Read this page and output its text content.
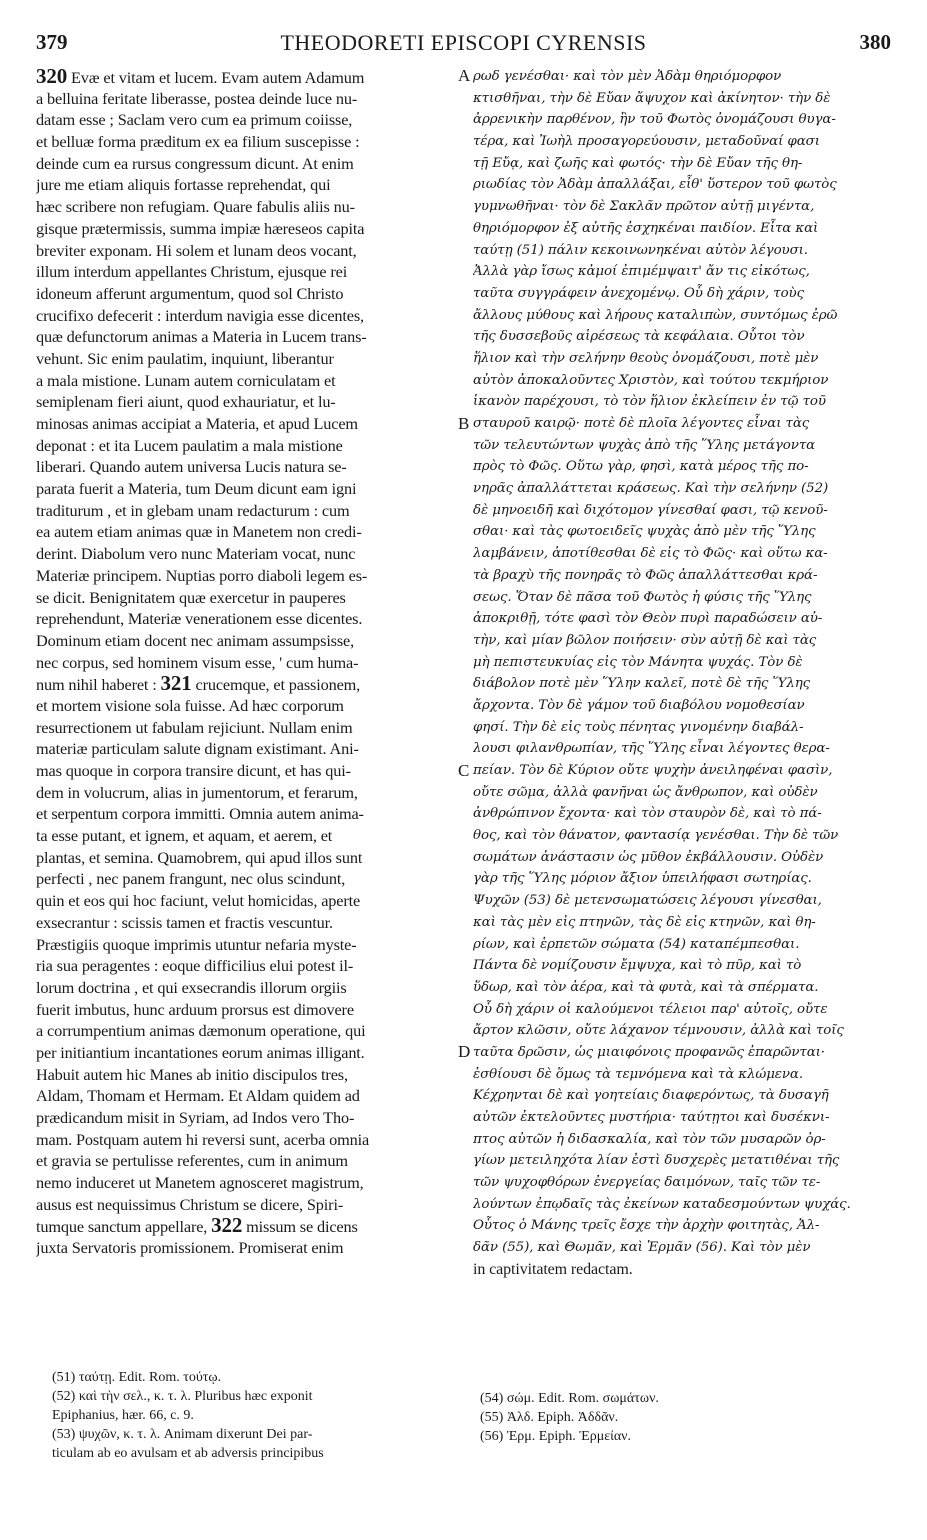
379	THEODORETI EPISCOPI CYRENSIS	380
320 Evæ et vitam et lucem. Evam autem Adamum
a belluina feritate liberasse, postea deinde luce nu-
datam esse ; Saclam vero cum ea primum coiisse,
et belluæ forma præditum ex ea filium suscepisse :
deinde cum ea rursus congressum dicunt. At enim
jure me etiam aliquis fortasse reprehendat, qui
hæc scribere non refugiam. Quare fabulis aliis nu-
gisque prætermissis, summa impiæ hæreseos capita
breviter exponam. Hi solem et lunam deos vocant,
illum interdum appellantes Christum, ejusque rei
idoneum afferunt argumentum, quod sol Christo
crucifixo defecerit : interdum navigia esse dicentes,
quæ defunctorum animas a Materia in Lucem trans-
vehunt. Sic enim paulatim, inquiunt, liberantur
a mala mistione. Lunam autem corniculatam et
semiplenam fieri aiunt, quod exhauriatur, et lu-
minosas animas accipiat a Materia, et apud Lucem
deponat : et ita Lucem paulatim a mala mistione
liberari. Quando autem universa Lucis natura se-
parata fuerit a Materia, tum Deum dicunt eam igni
traditurum , et in glebam unam redacturum : cum
ea autem etiam animas quæ in Manetem non credi-
derint. Diabolum vero nunc Materiam vocat, nunc
Materiæ principem. Nuptias porro diaboli legem es-
se dicit. Benignitatem quæ exercetur in pauperes
reprehendunt, Materiæ venerationem esse dicentes.
Dominum etiam docent nec animam assumpsisse,
nec corpus, sed hominem visum esse, ' cum huma-
num nihil haberet : 321 crucemque, et passionem,
et mortem visione sola fuisse. Ad hæc corporum
resurrectionem ut fabulam rejiciunt. Nullam enim
materiæ particulam salute dignam existimant. Ani-
mas quoque in corpora transire dicunt, et has qui-
dem in volucrum, alias in jumentorum, et ferarum,
et serpentum corpora immitti. Omnia autem anima-
ta esse putant, et ignem, et aquam, et aerem, et
plantas, et semina. Quamobrem, qui apud illos sunt
perfecti , nec panem frangunt, nec olus scindunt,
quin et eos qui hoc faciunt, velut homicidas, aperte
exsecrantur : scissis tamen et fractis vescuntur.
Præstigiis quoque imprimis utuntur nefaria myste-
ria sua peragentes : eoque difficilius elui potest il-
lorum doctrina , et qui exsecrandis illorum orgiis
fuerit imbutus, hunc arduum prorsus est dimovere
a corrumpentium animas dæmonum operatione, qui
per initiantium incantationes eorum animas illigant.
Habuit autem hic Manes ab initio discipulos tres,
Aldam, Thomam et Hermam. Et Aldam quidem ad
prædicandum misit in Syriam, ad Indos vero Tho-
mam. Postquam autem hi reversi sunt, acerba omnia
et gravia se pertulisse referentes, cum in animum
nemo induceret ut Manetem agnosceret magistrum,
ausus est nequissimus Christum se dicere, Spiri-
tumque sanctum appellare, 322 missum se dicens
juxta Servatoris promissionem. Promiserat enim
ρωδ γενέσθαι· καὶ τὸν μὲν Ἀδὰμ θηριόμορφον
κτισθῆναι, τὴν δὲ Εὔαν ἄψυχον καὶ ἀκίνητον· τὴν δὲ
ἀρρενικὴν παρθένον, ἣν τοῦ Φωτὸς ὀνομάζουσι θυγα-
τέρα, καὶ Ἰωὴλ προσαγορεύουσιν, μεταδοῦναί φασι
τῇ Εὔᾳ, καὶ ζωῆς καὶ φωτός· τὴν δὲ Εὔαν τῆς θη-
ριωδίας τὸν Ἀδὰμ ἀπαλλάξαι, εἶθ' ὕστερον τοῦ φωτὸς
γυμνωθῆναι· τὸν δὲ Σακλᾶν πρῶτον αὐτῇ μιγέντα,
θηριόμορφον ἐξ αὐτῆς ἐσχηκέναι παιδίον. Εἶτα καὶ
ταύτῃ (51) πάλιν κεκοινωνηκέναι αὐτὸν λέγουσι.
Ἀλλὰ γὰρ ἴσως κἀμοί ἐπιμέμψαιτ' ἄν τις εἰκότως,
ταῦτα συγγράφειν ἀνεχομένῳ. Οὗ δὴ χάριν, τοὺς
ἄλλους μύθους καὶ λήρους καταλιπὼν, συντόμως ἐρῶ
τῆς δυσσεβοῦς αἱρέσεως τὰ κεφάλαια. Οὗτοι τὸν
ἥλιον καὶ τὴν σελήνην θεοὺς ὀνομάζουσι, ποτὲ μὲν
αὐτὸν ἀποκαλοῦντες Χριστὸν, καὶ τούτου τεκμήριον
ἱκανὸν παρέχουσι, τὸ τὸν ἥλιον ἐκλείπειν ἐν τῷ τοῦ
σταυροῦ καιρῷ· ποτὲ δὲ πλοῖα λέγοντες εἶναι τὰς
τῶν τελευτώντων ψυχὰς ἀπὸ τῆς Ὕλης μετάγοντα
πρὸς τὸ Φῶς. Οὕτω γὰρ, φησὶ, κατὰ μέρος τῆς πο-
νηρᾶς ἀπαλλάττεται κράσεως. Καὶ τὴν σελήνην (52)
δὲ μηνοειδῆ καὶ διχότομον γίνεσθαί φασι, τῷ κενοῦ-
σθαι· καὶ τὰς φωτοειδεῖς ψυχὰς ἀπὸ μὲν τῆς Ὕλης
λαμβάνειν, ἀποτίθεσθαι δὲ εἰς τὸ Φῶς· καὶ οὕτω κα-
τὰ βραχὺ τῆς πονηρᾶς τὸ Φῶς ἀπαλλάττεσθαι κρά-
σεως. Ὅταν δὲ πᾶσα τοῦ Φωτὸς ἡ φύσις τῆς Ὕλης
ἀποκριθῇ, τότε φασὶ τὸν Θεὸν πυρὶ παραδώσειν αὐ-
τὴν, καὶ μίαν βῶλον ποιήσειν· σὺν αὐτῇ δὲ καὶ τὰς
μὴ πεπιστευκυίας εἰς τὸν Μάνητα ψυχάς. Τὸν δὲ
διάβολον ποτὲ μὲν Ὕλην καλεῖ, ποτὲ δὲ τῆς Ὕλης
ἄρχοντα. Τὸν δὲ γάμον τοῦ διαβόλου νομοθεσίαν
φησί. Τὴν δὲ εἰς τοὺς πένητας γινομένην διαβάλ-
λουσι φιλανθρωπίαν, τῆς Ὕλης εἶναι λέγοντες θερα-
πείαν. Τὸν δὲ Κύριον οὔτε ψυχὴν ἀνειληφέναι φασὶν,
οὔτε σῶμα, ἀλλὰ φανῆναι ὡς ἄνθρωπον, καὶ οὐδὲν
ἀνθρώπινον ἔχοντα· καὶ τὸν σταυρὸν δὲ, καὶ τὸ πά-
θος, καὶ τὸν θάνατον, φαντασίᾳ γενέσθαι. Τὴν δὲ τῶν
σωμάτων ἀνάστασιν ὡς μῦθον ἐκβάλλουσιν. Οὐδὲν
γὰρ τῆς Ὕλης μόριον ἄξιον ὑπειλήφασι σωτηρίας.
Ψυχῶν (53) δὲ μετενσωματώσεις λέγουσι γίνεσθαι,
καὶ τὰς μὲν εἰς πτηνῶν, τὰς δὲ εἰς κτηνῶν, καὶ θη-
ρίων, καὶ ἑρπετῶν σώματα (54) καταπέμπεσθαι.
Πάντα δὲ νομίζουσιν ἔμψυχα, καὶ τὸ πῦρ, καὶ τὸ
ὕδωρ, καὶ τὸν ἀέρα, καὶ τὰ φυτὰ, καὶ τὰ σπέρματα.
Οὗ δὴ χάριν οἱ καλούμενοι τέλειοι παρ' αὐτοῖς, οὔτε
ἄρτον κλῶσιν, οὔτε λάχανον τέμνουσιν, ἀλλὰ καὶ τοῖς
ταῦτα δρῶσιν, ὡς μιαιφόνοις προφανῶς ἐπαρῶνται·
ἐσθίουσι δὲ ὅμως τὰ τεμνόμενα καὶ τὰ κλώμενα.
Κέχρηνται δὲ καὶ γοητείαις διαφερόντως, τὰ δυσαγῆ
αὐτῶν ἐκτελοῦντες μυστήρια· ταύτῃτοι καὶ δυσέκνι-
πτος αὐτῶν ἡ διδασκαλία, καὶ τὸν τῶν μυσαρῶν ὀρ-
γίων μετειληχότα λίαν ἐστὶ δυσχερὲς μετατιθέναι τῆς
τῶν ψυχοφθόρων ἐνεργείας δαιμόνων, ταῖς τῶν τε-
λούντων ἐπῳδαῖς τὰς ἐκείνων καταδεσμούντων ψυχάς.
Οὗτος ὁ Μάνης τρεῖς ἔσχε τὴν ἀρχὴν φοιτητὰς, Ἀλ-
δᾶν (55), καὶ Θωμᾶν, καὶ Ἑρμᾶν (56). Καὶ τὸν μὲν
in captivitatem redactam.
A
B
C
D
(51) ταύτῃ. Edit. Rom. τούτῳ.
(52) καὶ τὴν σελ., κ. τ. λ. Pluribus hæc exponit
Epiphanius, hær. 66, c. 9.
(53) ψυχῶν, κ. τ. λ. Animam dixerunt Dei par-
ticulam ab eo avulsam et ab adversis principibus
(54) σώμ. Edit. Rom. σωμάτων.
(55) Ἀλδ. Epiph. Ἀδδᾶν.
(56) Ἑρμ. Epiph. Ἑρμείαν.
